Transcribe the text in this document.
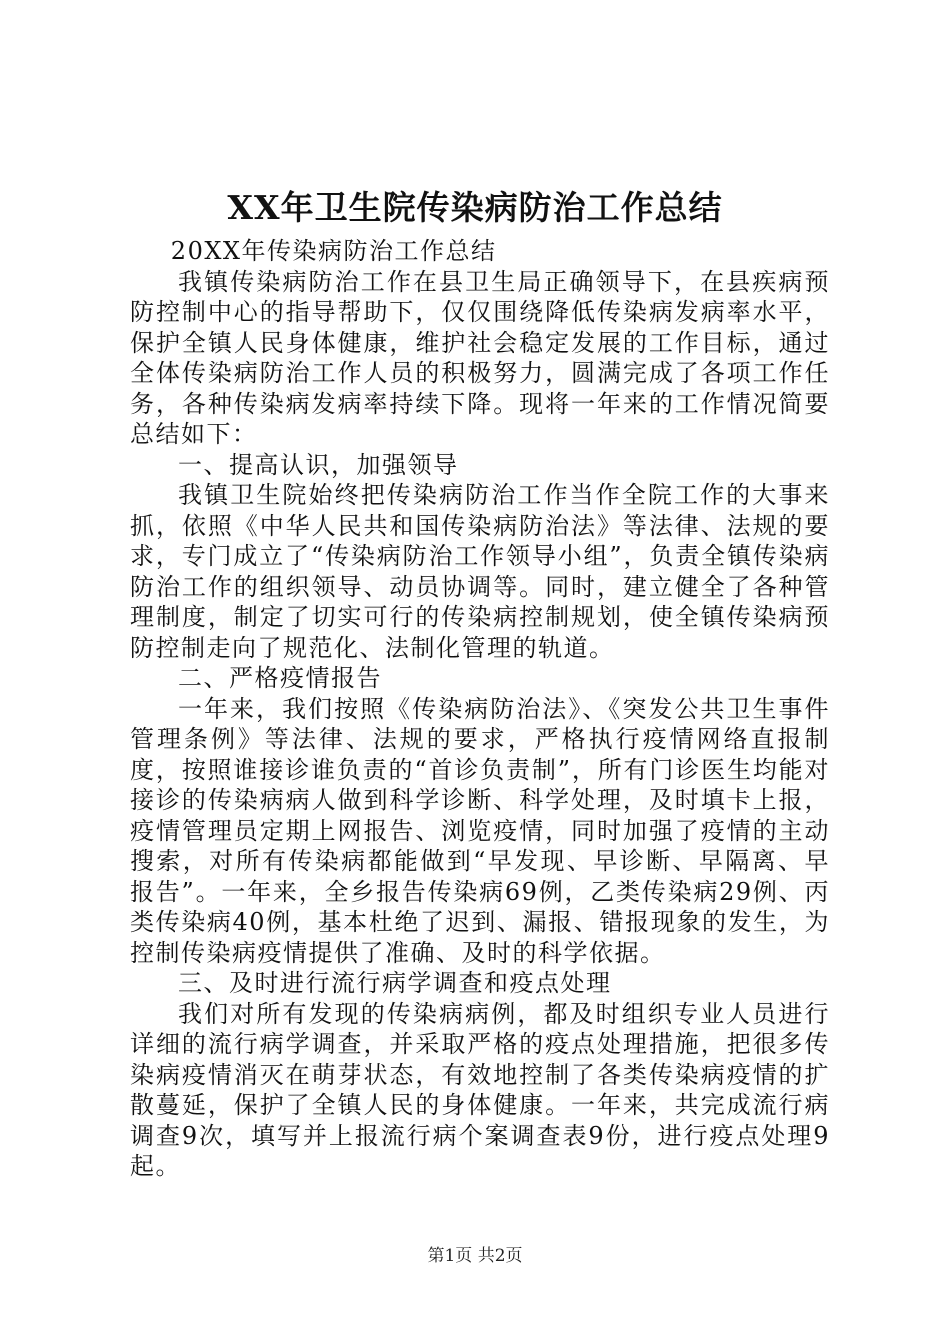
XX年卫生院传染病防治工作总结

20XX年传染病防治工作总结

我镇传染病防治工作在县卫生局正确领导下，在县疾病预防控制中心的指导帮助下，仅仅围绕降低传染病发病率水平，保护全镇人民身体健康，维护社会稳定发展的工作目标，通过全体传染病防治工作人员的积极努力，圆满完成了各项工作任务，各种传染病发病率持续下降。现将一年来的工作情况简要总结如下：

一、提高认识，加强领导

我镇卫生院始终把传染病防治工作当作全院工作的大事来抓，依照《中华人民共和国传染病防治法》等法律、法规的要求，专门成立了“传染病防治工作领导小组”，负责全镇传染病防治工作的组织领导、动员协调等。同时，建立健全了各种管理制度，制定了切实可行的传染病控制规划，使全镇传染病预防控制走向了规范化、法制化管理的轨道。

二、严格疫情报告

一年来，我们按照《传染病防治法》、《突发公共卫生事件管理条例》等法律、法规的要求，严格执行疫情网络直报制度，按照谁接诊谁负责的“首诊负责制”，所有门诊医生均能对接诊的传染病病人做到科学诊断、科学处理，及时填卡上报，疫情管理员定期上网报告、浏览疫情，同时加强了疫情的主动搜索，对所有传染病都能做到“早发现、早诊断、早隔离、早报告”。一年来，全乡报告传染病69例，乙类传染病29例、丙类传染病40例，基本杜绝了迟到、漏报、错报现象的发生，为控制传染病疫情提供了准确、及时的科学依据。

三、及时进行流行病学调查和疫点处理

我们对所有发现的传染病病例，都及时组织专业人员进行详细的流行病学调查，并采取严格的疫点处理措施，把很多传染病疫情消灭在萌芽状态，有效地控制了各类传染病疫情的扩散蔓延，保护了全镇人民的身体健康。一年来，共完成流行病调查9次，填写并上报流行病个案调查表9份，进行疫点处理9起。

第1页 共2页
